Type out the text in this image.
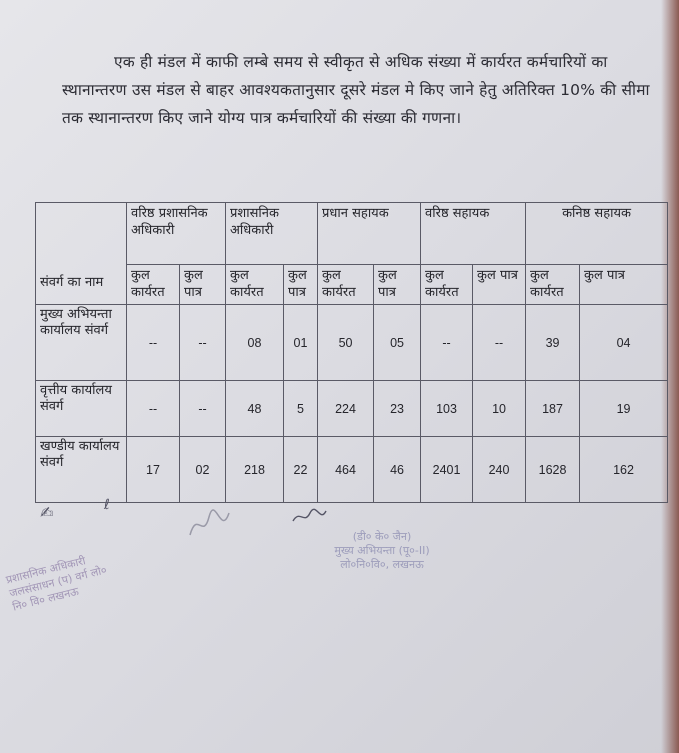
एक ही मंडल में काफी लम्बे समय से स्वीकृत से अधिक संख्या में कार्यरत कर्मचारियों का स्थानान्तरण उस मंडल से बाहर आवश्यकतानुसार दूसरे मंडल मे किए जाने हेतु अतिरिक्त 10% की सीमा तक स्थानान्तरण किए जाने योग्य पात्र कर्मचारियों की संख्या की गणना।

संवर्ग का नाम	वरिष्ठ प्रशासनिक अधिकारी		प्रशासनिक अधिकारी		प्रधान सहायक		वरिष्ठ सहायक		कनिष्ठ सहायक	
	कुल कार्यरत	कुल पात्र	कुल कार्यरत	कुल पात्र	कुल कार्यरत	कुल पात्र	कुल कार्यरत	कुल पात्र	कुल कार्यरत	कुल पात्र
मुख्य अभियन्ता कार्यालय संवर्ग	--	--	08	01	50	05	--	--	39	04
वृत्तीय कार्यालय संवर्ग	--	--	48	5	224	23	103	10	187	19
खण्डीय कार्यालय संवर्ग	17	02	218	22	464	46	2401	240	1628	162
✍	ℓ
प्रशासनिक अधिकारी जलसंसाधन (प) वर्ग लो० नि० वि० लखनऊ
(डी० के० जैन)
मुख्य अभियन्ता (पू०-II)
लो०नि०वि०, लखनऊ
